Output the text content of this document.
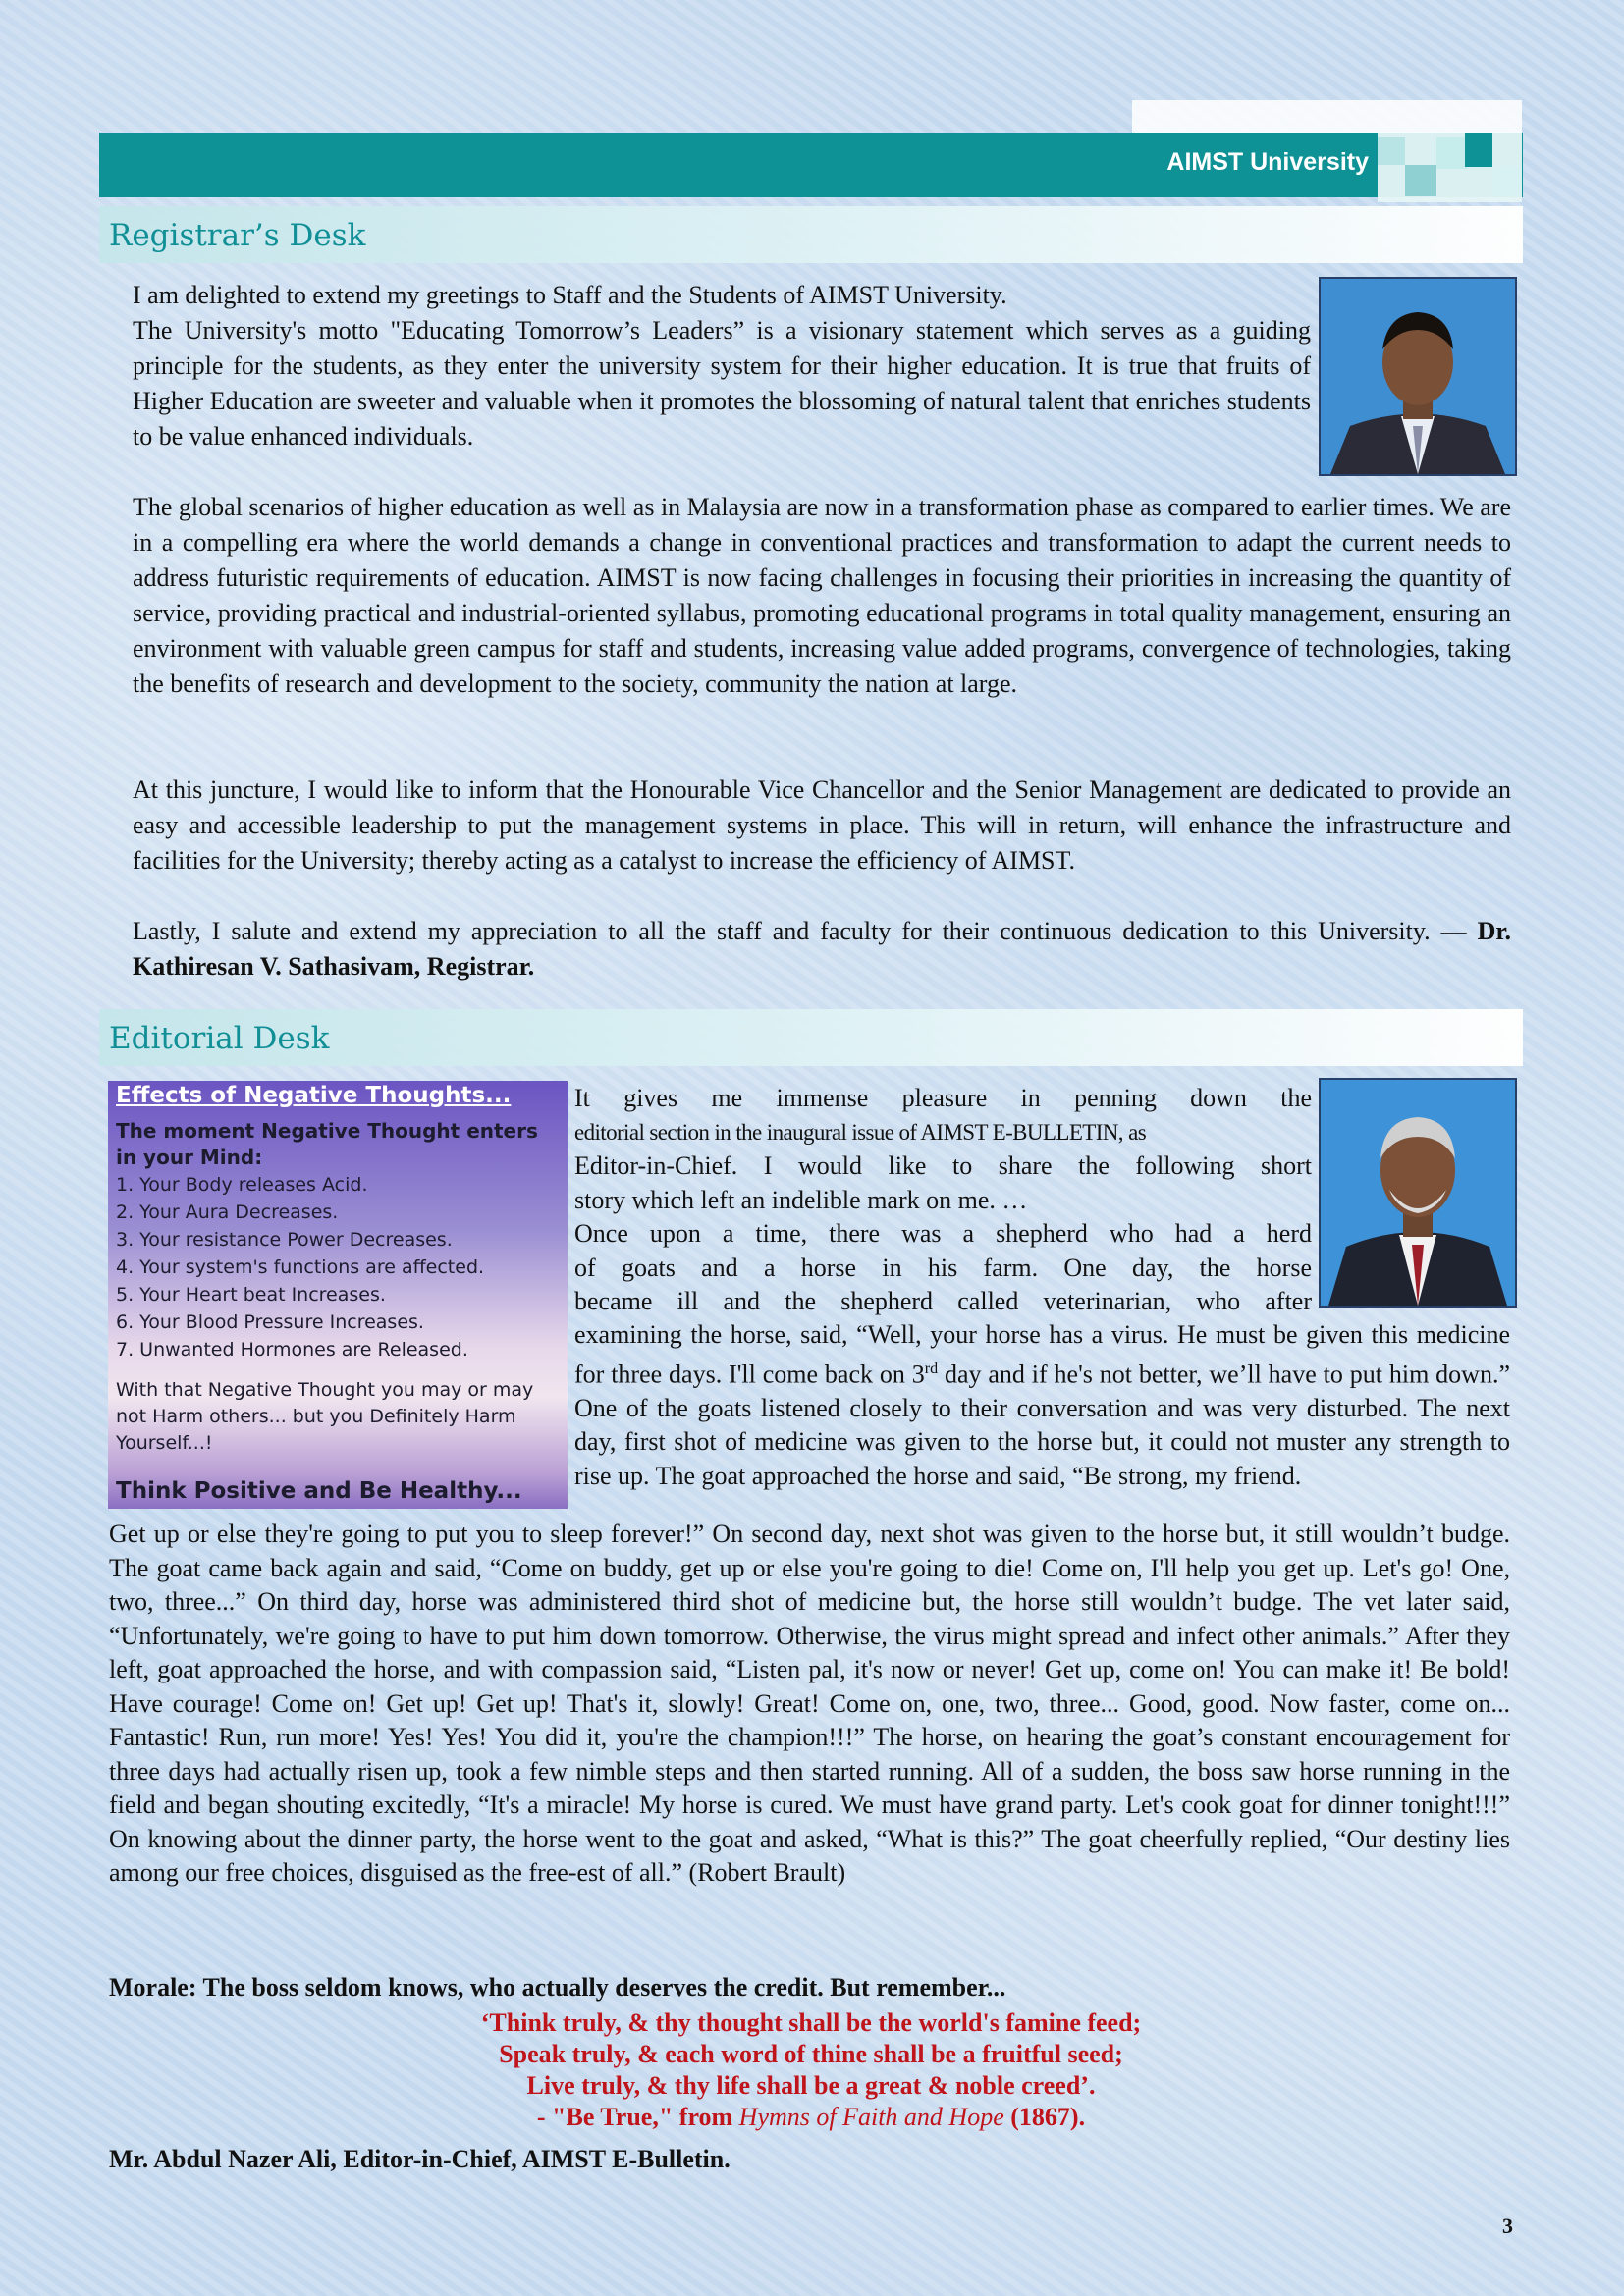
AIMST University
Registrar’s Desk

I am delighted to extend my greetings to Staff and the Students of AIMST University.

The University's motto "Educating Tomorrow’s Leaders” is a visionary statement which serves as a guiding principle for the students, as they enter the university system for their higher education. It is true that fruits of Higher Education are sweeter and valuable when it promotes the blossoming of natural talent that enriches students to be value enhanced individuals.

The global scenarios of higher education as well as in Malaysia are now in a transformation phase as compared to earlier times. We are in a compelling era where the world demands a change in conventional practices and transformation to adapt the current needs to address futuristic requirements of education. AIMST is now facing challenges in focusing their priorities in increasing the quantity of service, providing practical and industrial-oriented syllabus, promoting educational programs in total quality management, ensuring an environment with valuable green campus for staff and students, increasing value added programs, convergence of technologies, taking the benefits of research and development to the society, community the nation at large.

At this juncture, I would like to inform that the Honourable Vice Chancellor and the Senior Management are dedicated to provide an easy and accessible leadership to put the management systems in place. This will in return, will enhance the infrastructure and facilities for the University; thereby acting as a catalyst to increase the efficiency of AIMST.

Lastly, I salute and extend my appreciation to all the staff and faculty for their continuous dedication to this University. — Dr. Kathiresan V. Sathasivam, Registrar.

Editorial Desk
Effects of Negative Thoughts...
The moment Negative Thought enters in your Mind:
1. Your Body releases Acid.
2. Your Aura Decreases.
3. Your resistance Power Decreases.
4. Your system's functions are affected.
5. Your Heart beat Increases.
6. Your Blood Pressure Increases.
7. Unwanted Hormones are Released.
With that Negative Thought you may or may not Harm others... but you Definitely Harm Yourself...!
Think Positive and Be Healthy...
It gives me immense pleasure in penning down the
editorial section in the inaugural issue of AIMST E-BULLETIN, as
Editor-in-Chief. I would like to share the following short
story which left an indelible mark on me. …
Once upon a time, there was a shepherd who had a herd
of goats and a horse in his farm. One day, the horse
became ill and the shepherd called veterinarian, who after

examining the horse, said, “Well, your horse has a virus. He must be given this medicine for three days. I'll come back on 3rd day and if he's not better, we’ll have to put him down.” One of the goats listened closely to their conversation and was very disturbed. The next day, first shot of medicine was given to the horse but, it could not muster any strength to rise up. The goat approached the horse and said, “Be strong, my friend.

Get up or else they're going to put you to sleep forever!” On second day, next shot was given to the horse but, it still wouldn’t budge. The goat came back again and said, “Come on buddy, get up or else you're going to die! Come on, I'll help you get up. Let's go! One, two, three...” On third day, horse was administered third shot of medicine but, the horse still wouldn’t budge. The vet later said, “Unfortunately, we're going to have to put him down tomorrow. Otherwise, the virus might spread and infect other animals.” After they left, goat approached the horse, and with compassion said, “Listen pal, it's now or never! Get up, come on! You can make it! Be bold! Have courage! Come on! Get up! Get up! That's it, slowly! Great! Come on, one, two, three... Good, good. Now faster, come on... Fantastic! Run, run more! Yes! Yes! You did it, you're the champion!!!” The horse, on hearing the goat’s constant encouragement for three days had actually risen up, took a few nimble steps and then started running. All of a sudden, the boss saw horse running in the field and began shouting excitedly, “It's a miracle! My horse is cured. We must have grand party. Let's cook goat for dinner tonight!!!” On knowing about the dinner party, the horse went to the goat and asked, “What is this?” The goat cheerfully replied, “Our destiny lies among our free choices, disguised as the free-est of all.” (Robert Brault)

Morale: The boss seldom knows, who actually deserves the credit. But remember...
‘Think truly, & thy thought shall be the world's famine feed;
Speak truly, & each word of thine shall be a fruitful seed;
Live truly, & thy life shall be a great & noble creed’.
- "Be True," from Hymns of Faith and Hope (1867).
Mr. Abdul Nazer Ali, Editor-in-Chief, AIMST E-Bulletin.
3
